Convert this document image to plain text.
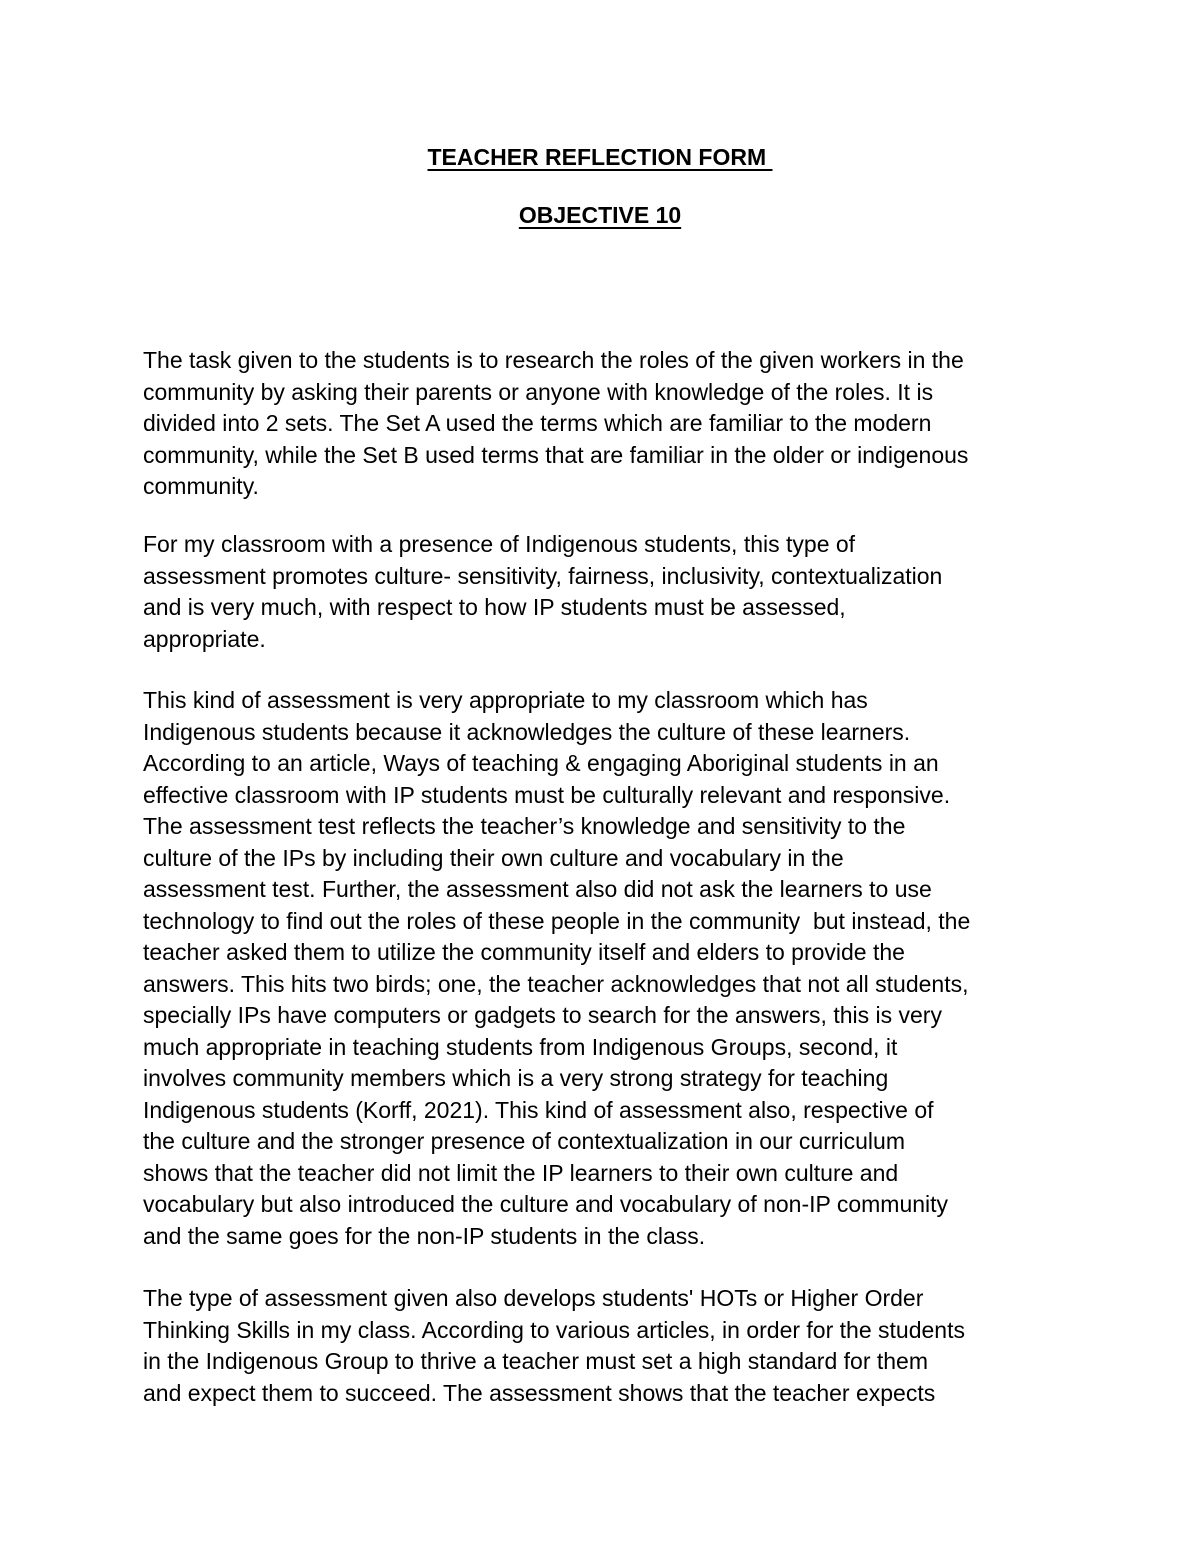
TEACHER REFLECTION FORM
OBJECTIVE 10

The task given to the students is to research the roles of the given workers in the
community by asking their parents or anyone with knowledge of the roles. It is
divided into 2 sets. The Set A used the terms which are familiar to the modern
community, while the Set B used terms that are familiar in the older or indigenous
community.

For my classroom with a presence of Indigenous students, this type of
assessment promotes culture- sensitivity, fairness, inclusivity, contextualization
and is very much, with respect to how IP students must be assessed,
appropriate.

This kind of assessment is very appropriate to my classroom which has
Indigenous students because it acknowledges the culture of these learners.
According to an article, Ways of teaching & engaging Aboriginal students in an
effective classroom with IP students must be culturally relevant and responsive.
The assessment test reflects the teacher’s knowledge and sensitivity to the
culture of the IPs by including their own culture and vocabulary in the
assessment test. Further, the assessment also did not ask the learners to use
technology to find out the roles of these people in the community  but instead, the
teacher asked them to utilize the community itself and elders to provide the
answers. This hits two birds; one, the teacher acknowledges that not all students,
specially IPs have computers or gadgets to search for the answers, this is very
much appropriate in teaching students from Indigenous Groups, second, it
involves community members which is a very strong strategy for teaching
Indigenous students (Korff, 2021). This kind of assessment also, respective of
the culture and the stronger presence of contextualization in our curriculum
shows that the teacher did not limit the IP learners to their own culture and
vocabulary but also introduced the culture and vocabulary of non-IP community
and the same goes for the non-IP students in the class.

The type of assessment given also develops students' HOTs or Higher Order
Thinking Skills in my class. According to various articles, in order for the students
in the Indigenous Group to thrive a teacher must set a high standard for them
and expect them to succeed. The assessment shows that the teacher expects
